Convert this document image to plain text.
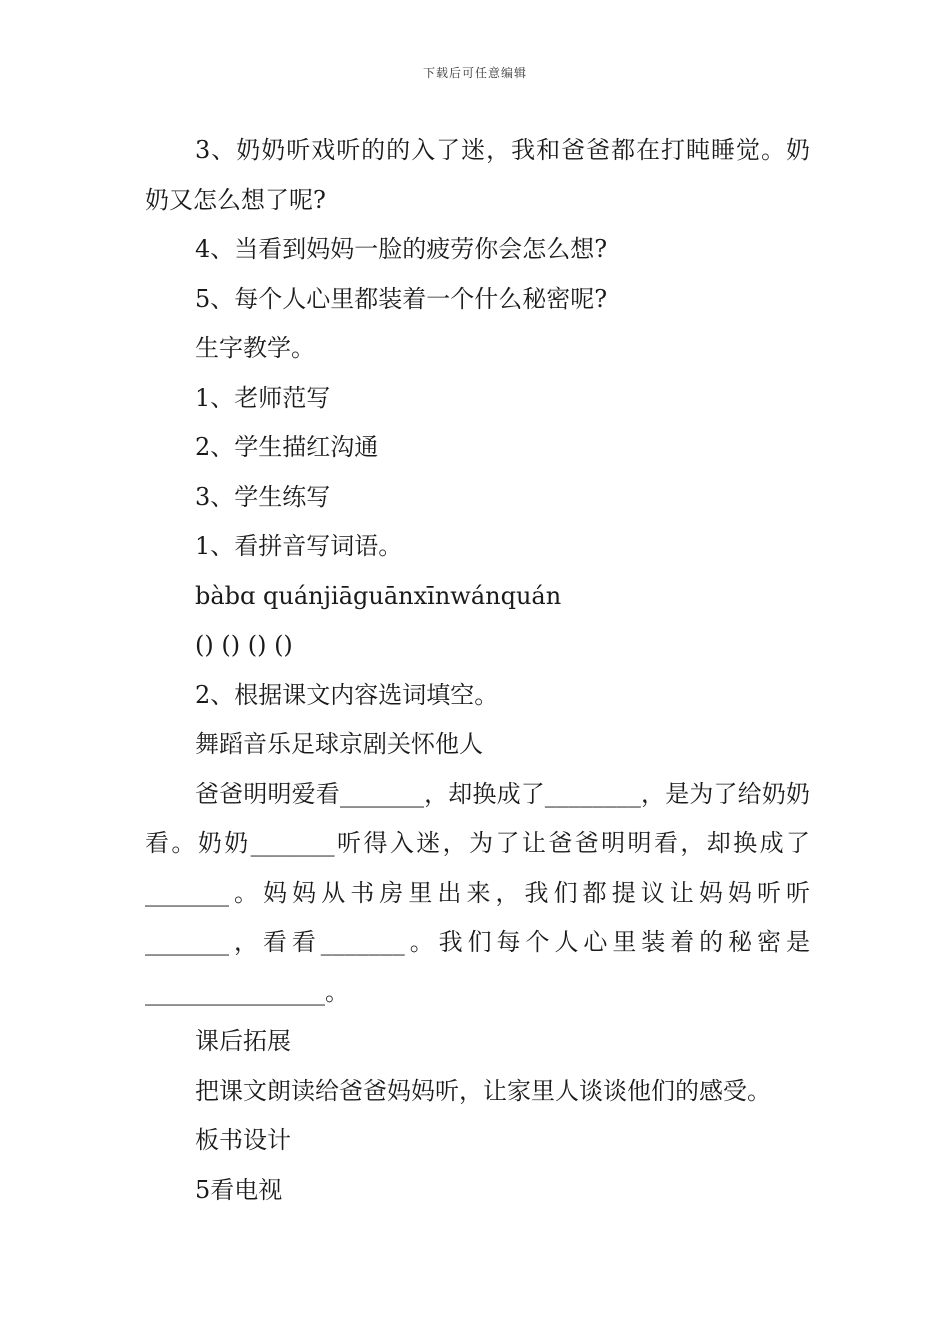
下载后可任意编辑

3、奶奶听戏听的的入了迷，我和爸爸都在打盹睡觉。奶奶又怎么想了呢?

4、当看到妈妈一脸的疲劳你会怎么想?

5、每个人心里都装着一个什么秘密呢?

生字教学。

1、老师范写

2、学生描红沟通

3、学生练写

1、看拼音写词语。

bàbɑ quánjiāguānxīnwánquán

() () () ()

2、根据课文内容选词填空。

舞蹈音乐足球京剧关怀他人

爸爸明明爱看_______，却换成了________，是为了给奶奶看。奶奶_______听得入迷，为了让爸爸明明看，却换成了_______。妈妈从书房里出来，我们都提议让妈妈听听_______，看看_______。我们每个人心里装着的秘密是_______________。

课后拓展

把课文朗读给爸爸妈妈听，让家里人谈谈他们的感受。

板书设计

5看电视
